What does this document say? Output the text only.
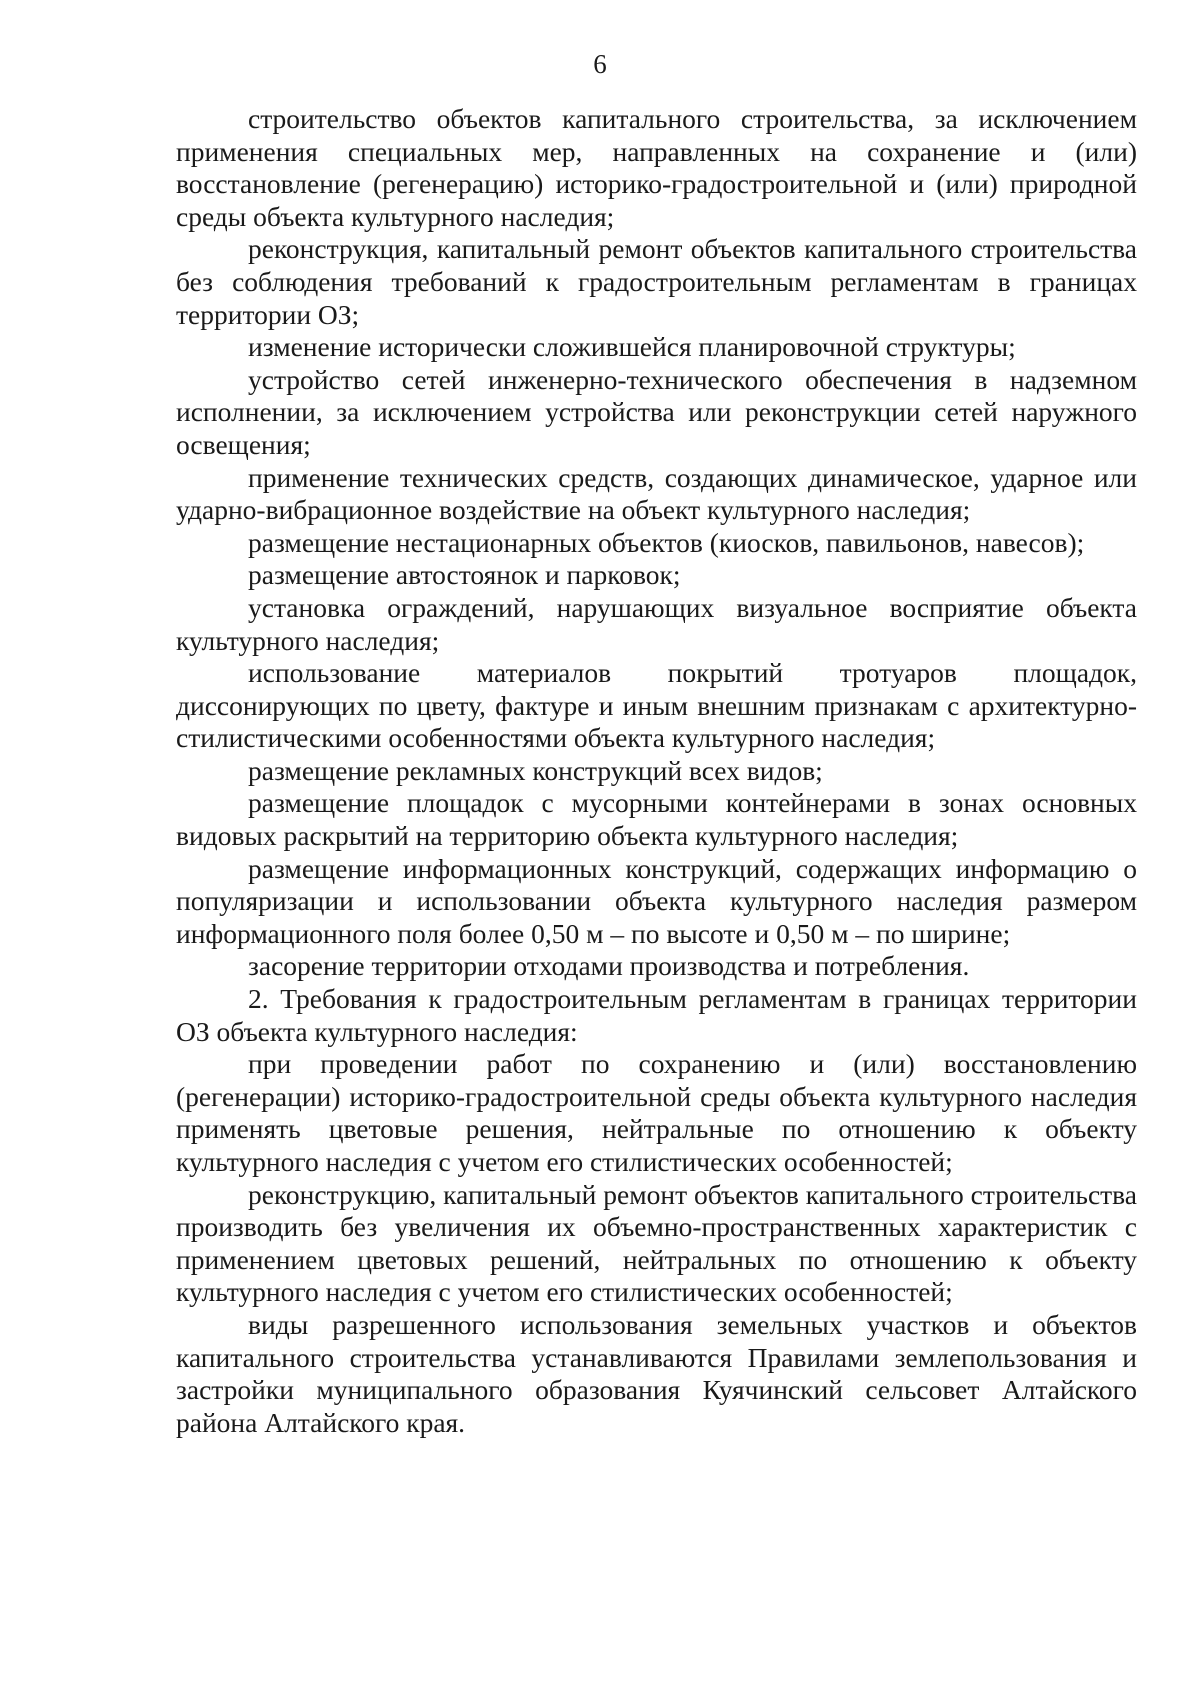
6

строительство объектов капитального строительства, за исключением применения специальных мер, направленных на сохранение и (или) восстановление (регенерацию) историко-градостроительной и (или) природной среды объекта культурного наследия;

реконструкция, капитальный ремонт объектов капитального строительства без соблюдения требований к градостроительным регламентам в границах территории ОЗ;

изменение исторически сложившейся планировочной структуры;

устройство сетей инженерно-технического обеспечения в надземном исполнении, за исключением устройства или реконструкции сетей наружного освещения;

применение технических средств, создающих динамическое, ударное или ударно-вибрационное воздействие на объект культурного наследия;

размещение нестационарных объектов (киосков, павильонов, навесов);

размещение автостоянок и парковок;

установка ограждений, нарушающих визуальное восприятие объекта культурного наследия;

использование материалов покрытий тротуаров площадок, диссонирующих по цвету, фактуре и иным внешним признакам с архитектурно-стилистическими особенностями объекта культурного наследия;

размещение рекламных конструкций всех видов;

размещение площадок с мусорными контейнерами в зонах основных видовых раскрытий на территорию объекта культурного наследия;

размещение информационных конструкций, содержащих информацию о популяризации и использовании объекта культурного наследия размером информационного поля более 0,50 м – по высоте и 0,50 м – по ширине;

засорение территории отходами производства и потребления.

2. Требования к градостроительным регламентам в границах территории ОЗ объекта культурного наследия:

при проведении работ по сохранению и (или) восстановлению (регенерации) историко-градостроительной среды объекта культурного наследия применять цветовые решения, нейтральные по отношению к объекту культурного наследия с учетом его стилистических особенностей;

реконструкцию, капитальный ремонт объектов капитального строительства производить без увеличения их объемно-пространственных характеристик с применением цветовых решений, нейтральных по отношению к объекту культурного наследия с учетом его стилистических особенностей;

виды разрешенного использования земельных участков и объектов капитального строительства устанавливаются Правилами землепользования и застройки муниципального образования Куячинский сельсовет Алтайского района Алтайского края.
